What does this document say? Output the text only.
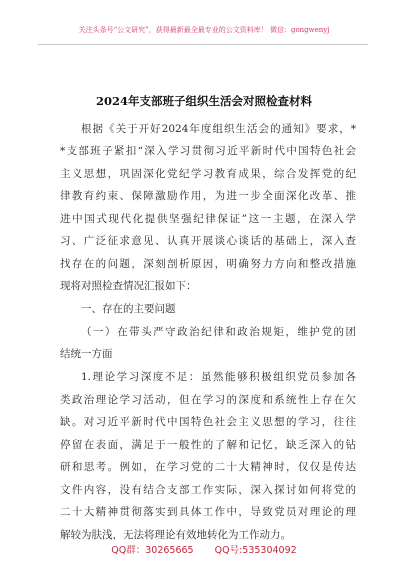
关注头条号“公文研究”，获得最新最全最专业的公文资料库！ 微信：gongwenyj
2024年支部班子组织生活会对照检查材料
根据《关于开好2024年度组织生活会的通知》要求，*
*支部班子紧扣“深入学习贯彻习近平新时代中国特色社会
主义思想，巩固深化党纪学习教育成果，综合发挥党的纪
律教育约束、保障激励作用，为进一步全面深化改革、推
进中国式现代化提供坚强纪律保证”这一主题，在深入学
习、广泛征求意见、认真开展谈心谈话的基础上，深入查
找存在的问题，深刻剖析原因，明确努力方向和整改措施
现将对照检查情况汇报如下：
一、存在的主要问题
（一）在带头严守政治纪律和政治规矩，维护党的团
结统一方面
1.理论学习深度不足：虽然能够积极组织党员参加各
类政治理论学习活动，但在学习的深度和系统性上存在欠
缺。对习近平新时代中国特色社会主义思想的学习，往往
停留在表面，满足于一般性的了解和记忆，缺乏深入的钻
研和思考。例如，在学习党的二十大精神时，仅仅是传达
文件内容，没有结合支部工作实际，深入探讨如何将党的
二十大精神贯彻落实到具体工作中，导致党员对理论的理
解较为肤浅，无法将理论有效地转化为工作动力。
QQ群：30265665 QQ号:535304092
